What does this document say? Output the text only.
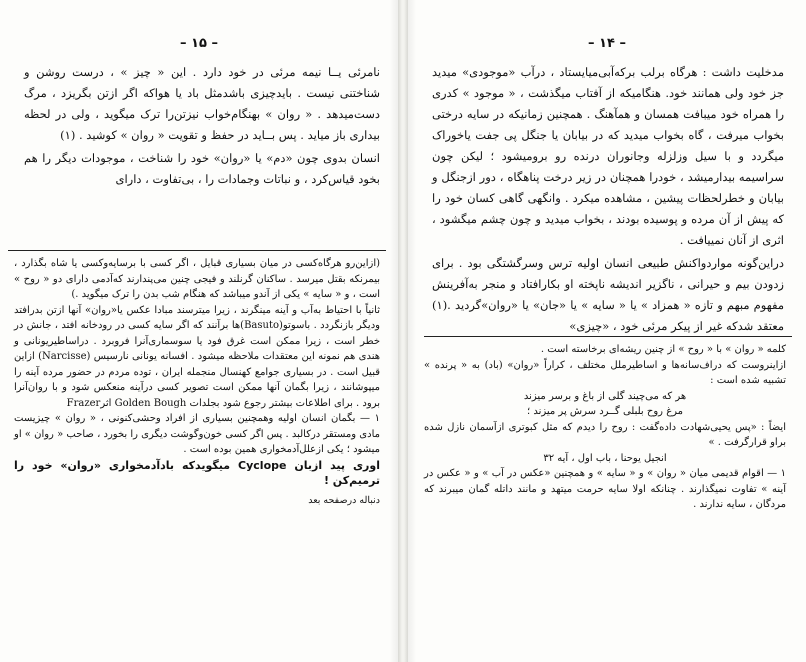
– ۱۵ –

نامرئی یــا نیمه مرئی در خود دارد . این « چیز » ، درست روشن و شناختنی نیست . بایدچیزی باشدمثل باد یا هواکه اگر ازتن بگریزد ، مرگ دست‌میدهد . « روان » بهنگام‌خواب نیزتن‌را ترک میگوید ، ولی در لحظه بیداری باز میاید . پس بــاید در حفظ و تقویت « روان » کوشید . (۱)

انسان بدوی چون «دم» یا «روان» خود را شناخت ، موجودات دیگر را هم بخود قیاس‌کرد ، و نباتات وجمادات را ، بی‌تفاوت ، دارای

(ازاین‌رو هرگاه‌کسی در میان بسیاری قبایل ، اگر کسی با برسایه‌وکسی یا شاه بگذارد ، بیمرنکه بقتل میرسد . ساکنان گرنلند و فیجی چنین می‌پندارند که‌آدمی دارای دو « روح » است ، و « سایه » یکی از آندو میباشد که هنگام شب بدن را ترک میگوید .)

ثانیاً با احتیاط به‌آب و آینه مینگرند ، زیرا میترسند مبادا عکس یا«روان» آنها ازتن بدرافتد ودیگر بازنگردد . باسوتو(Basuto)ها برآنند که اگر سایه کسی در رودخانه افتد ، جانش در خطر است ، زیرا ممکن است غرق فود یا سوسماری‌آنرا فروبرد . دراساطیریونانی و هندی هم نمونه این معتقدات ملاحظه میشود . افسانه یونانی نارسیس (Narcisse) ازاین قبیل است . در بسیاری جوامع کهنسال منجمله ایران ، توده مردم در حضور مرده آینه را میپوشانند ، زیرا بگمان آنها ممکن است تصویر کسی درآینه منعکس شود و با روان‌آنرا برود . برای اطلاعات بیشتر رجوع شود بجلدات Golden Bough اثرFrazer

۱ — بگمان انسان اولیه وهمچنین بسیاری از افراد وحشی‌کنونی ، « روان » چیزیست مادی ومستقر درکالبد . پس اگر کسی خون‌وگوشت دیگری را بخورد ، صاحب « روان » او میشود ؛ یکی ازعلل‌آدمخواری همین بوده است .

اوری پید ازبان Cyclope میگویدکه بادآدمخواری «روان» خود را ترمیم‌کن !

دنباله درصفحه بعد

– ۱۴ –

مدخلیت داشت : هرگاه برلب برکه‌آبی‌میایستاد ، درآب «موجودی» میدید جز خود ولی همانند خود. هنگامیکه از آفتاب میگذشت ، « موجود » کدری را همراه خود میبافت همسان و همآهنگ . همچنین زمانیکه در سایه درختی بخواب میرفت ، گاه بخواب میدید که در بیابان یا جنگل پی جفت یاخوراک میگردد و با سیل وزلزله وجانوران درنده رو برومیشود ؛ لیکن چون سراسیمه بیدارمیشد ، خودرا همچنان در زیر درخت پناهگاه ، دور ازجنگل و بیابان و خطرلحظات پیشین ، مشاهده میکرد . وانگهی گاهی کسان خود را که پیش از آن مرده و پوسیده بودند ، بخواب میدید و چون چشم میگشود ، اثری از آنان نمییافت .

دراین‌گونه مواردواکنش طبیعی انسان اولیه ترس وسرگشتگی بود . برای زدودن بیم و حیرانی ، ناگزیر اندیشه ناپخته او بکارافتاد و منجر به‌آفرینش مفهوم مبهم و تازه « همزاد » یا « سایه » یا «جان» یا «روان»گردید .(۱) معتقد شدکه غیر از پیکر مرئی خود ، «چیزی»

کلمه « روان » با « روح » از چنین ریشه‌ای برخاسته است .

ازاینروست که دراف‌سانه‌ها و اساطیرملل مختلف ، کراراً «روان» (باد) به « پرنده » تشبیه شده است :

هر که می‌چیند گلی از باغ و برسر میزند

مرغ روح بلبلی گــرد سرش پر میزند ؛

ایضاً : «پس یحیی‌شهادت داده‌گفت : روح را دیدم که مثل کبوتری ازآسمان نازل شده براو قرارگرفت . »

انجیل یوحنا ، باب اول ، آیه ۳۲

۱ — اقوام قدیمی میان « روان » و « سایه » و همچنین «عکس در آب » و « عکس در آینه » تفاوت نمیگذارند . چنانکه اولا سایه حرمت میتهد و مانند داتله گمان میبرند که مردگان ، سایه ندارند .
